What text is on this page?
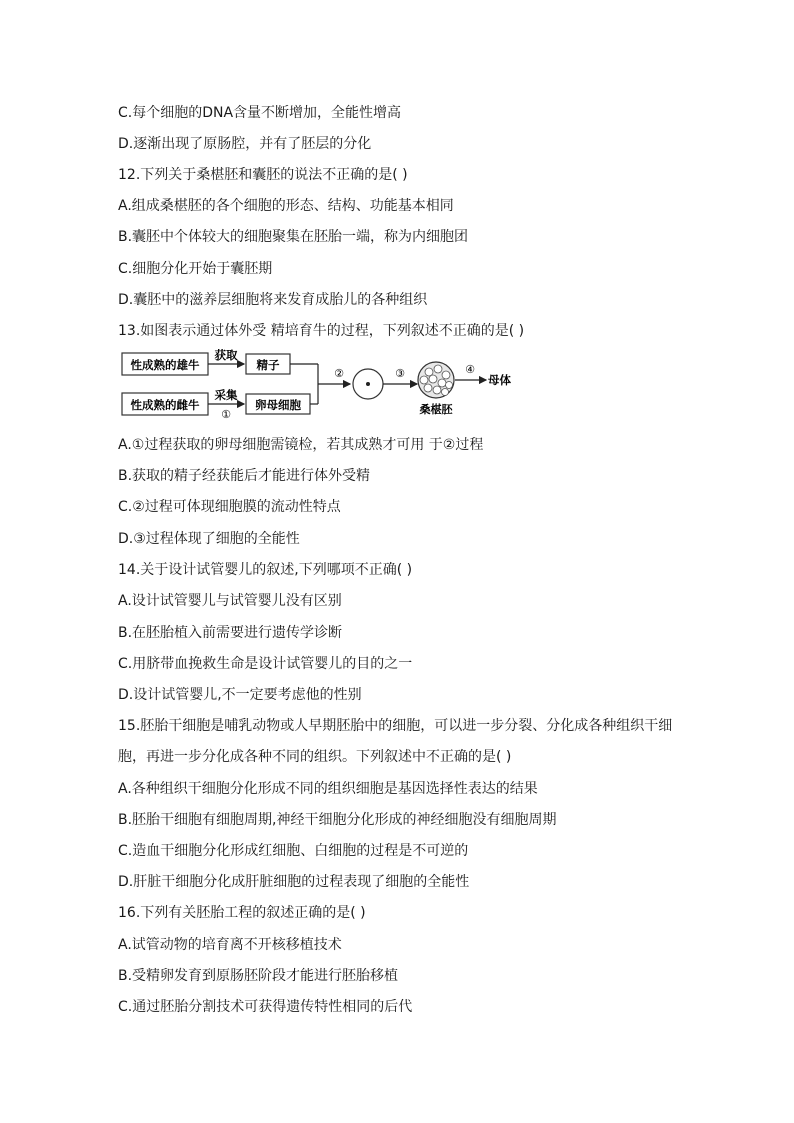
C.每个细胞的DNA含量不断增加，全能性增高
D.逐渐出现了原肠腔，并有了胚层的分化
12.下列关于桑椹胚和囊胚的说法不正确的是( )
A.组成桑椹胚的各个细胞的形态、结构、功能基本相同
B.囊胚中个体较大的细胞聚集在胚胎一端，称为内细胞团
C.细胞分化开始于囊胚期
D.囊胚中的滋养层细胞将来发育成胎儿的各种组织
13.如图表示通过体外受 精培育牛的过程，下列叙述不正确的是( )
性成熟的雄牛
性成熟的雌牛
获取
采集
①
精子
卵母细胞
②	③
桑椹胚
④
母体
A.①过程获取的卵母细胞需镜检，若其成熟才可用 于②过程
B.获取的精子经获能后才能进行体外受精
C.②过程可体现细胞膜的流动性特点
D.③过程体现了细胞的全能性
14.关于设计试管婴儿的叙述,下列哪项不正确( )
A.设计试管婴儿与试管婴儿没有区别
B.在胚胎植入前需要进行遗传学诊断
C.用脐带血挽救生命是设计试管婴儿的目的之一
D.设计试管婴儿,不一定要考虑他的性别
15.胚胎干细胞是哺乳动物或人早期胚胎中的细胞，可以进一步分裂、分化成各种组织干细
胞，再进一步分化成各种不同的组织。下列叙述中不正确的是( )
A.各种组织干细胞分化形成不同的组织细胞是基因选择性表达的结果
B.胚胎干细胞有细胞周期,神经干细胞分化形成的神经细胞没有细胞周期
C.造血干细胞分化形成红细胞、白细胞的过程是不可逆的
D.肝脏干细胞分化成肝脏细胞的过程表现了细胞的全能性
16.下列有关胚胎工程的叙述正确的是( )
A.试管动物的培育离不开核移植技术
B.受精卵发育到原肠胚阶段才能进行胚胎移植
C.通过胚胎分割技术可获得遗传特性相同的后代
